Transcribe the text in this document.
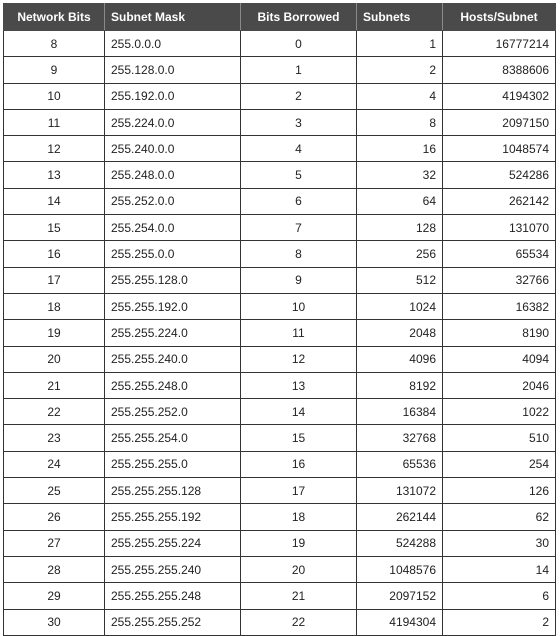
Network Bits	Subnet Mask	Bits Borrowed	Subnets	Hosts/Subnet
8	255.0.0.0	0	1	16777214
9	255.128.0.0	1	2	8388606
10	255.192.0.0	2	4	4194302
11	255.224.0.0	3	8	2097150
12	255.240.0.0	4	16	1048574
13	255.248.0.0	5	32	524286
14	255.252.0.0	6	64	262142
15	255.254.0.0	7	128	131070
16	255.255.0.0	8	256	65534
17	255.255.128.0	9	512	32766
18	255.255.192.0	10	1024	16382
19	255.255.224.0	11	2048	8190
20	255.255.240.0	12	4096	4094
21	255.255.248.0	13	8192	2046
22	255.255.252.0	14	16384	1022
23	255.255.254.0	15	32768	510
24	255.255.255.0	16	65536	254
25	255.255.255.128	17	131072	126
26	255.255.255.192	18	262144	62
27	255.255.255.224	19	524288	30
28	255.255.255.240	20	1048576	14
29	255.255.255.248	21	2097152	6
30	255.255.255.252	22	4194304	2
